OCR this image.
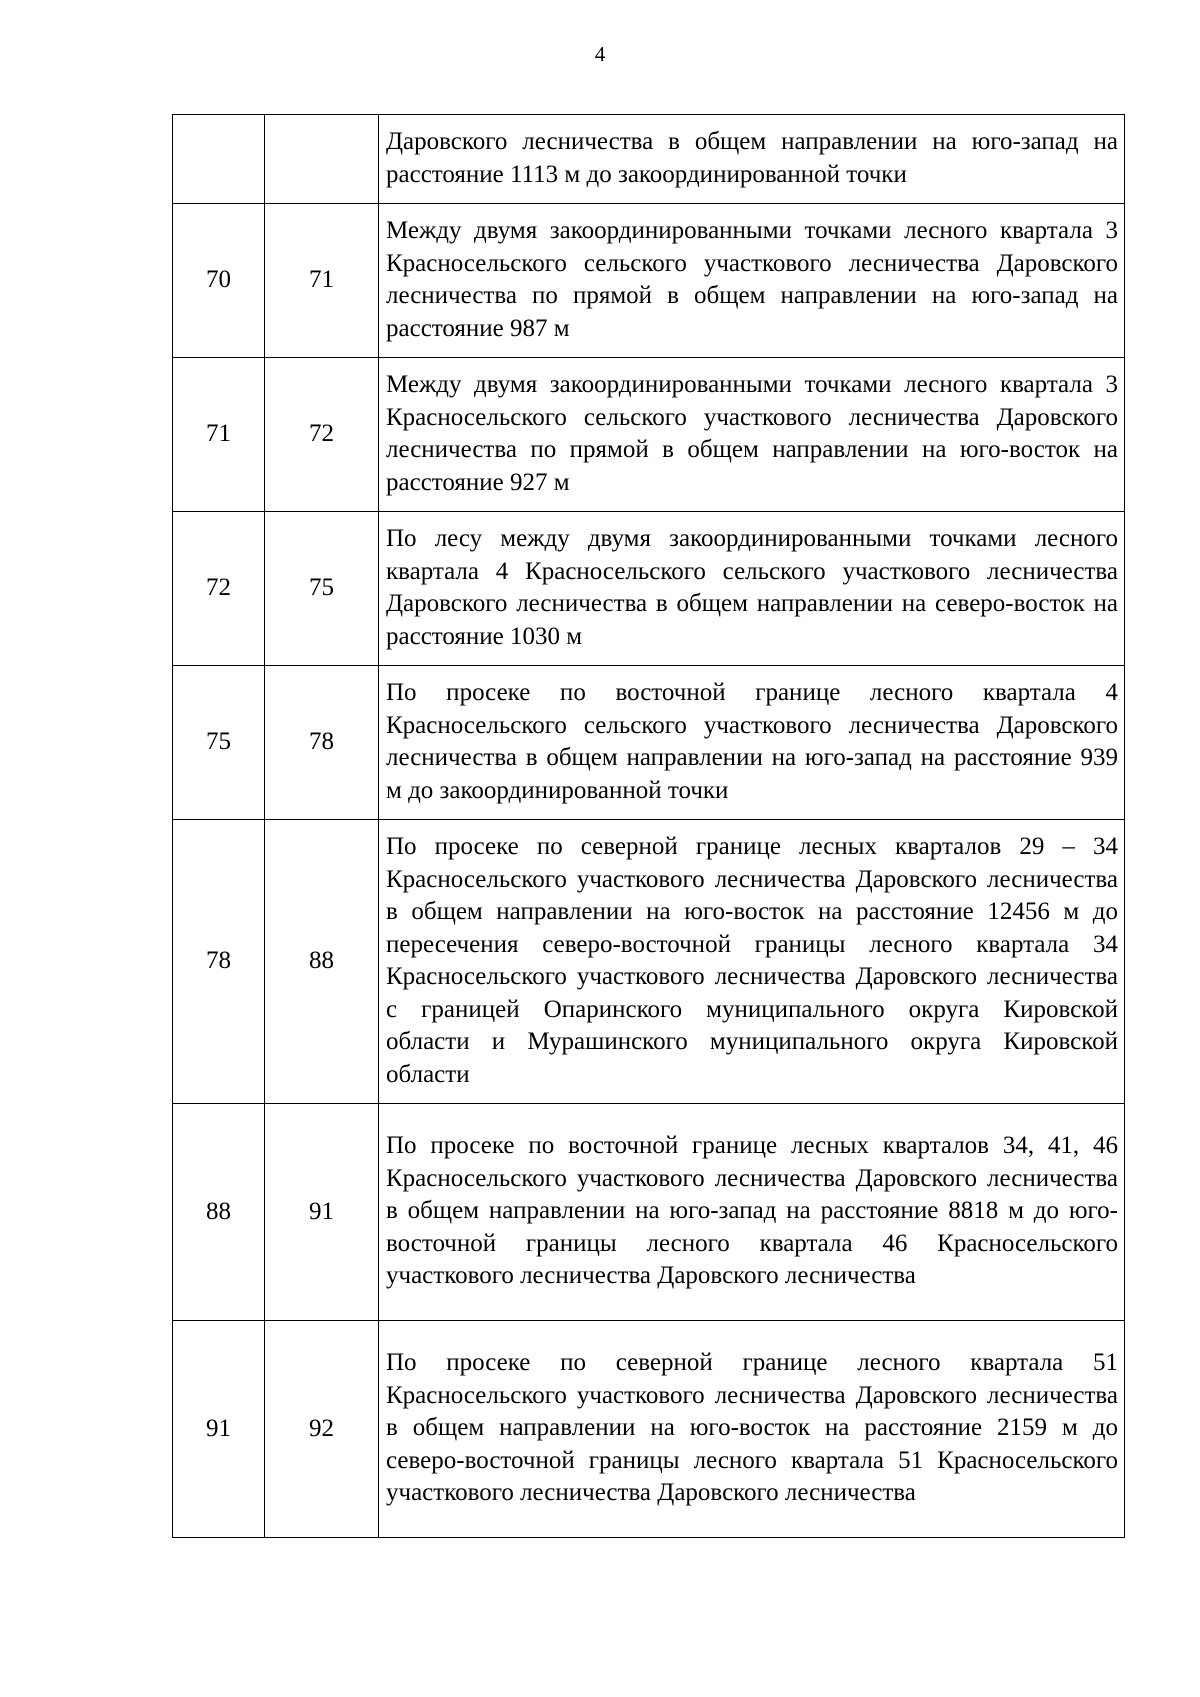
4
		Даровского лесничества в общем направлении на юго-запад на расстояние 1113 м до закоординированной точки
70	71	Между двумя закоординированными точками лесного квартала 3 Красносельского сельского участкового лесничества Даровского лесничества по прямой в общем направлении на юго-запад на расстояние 987 м
71	72	Между двумя закоординированными точками лесного квартала 3 Красносельского сельского участкового лесничества Даровского лесничества по прямой в общем направлении на юго-восток на расстояние 927 м
72	75	По лесу между двумя закоординированными точками лесного квартала 4 Красносельского сельского участкового лесничества Даровского лесничества в общем направлении на северо-восток на расстояние 1030 м
75	78	По просеке по восточной границе лесного квартала 4 Красносельского сельского участкового лесничества Даровского лесничества в общем направлении на юго-запад на расстояние 939 м до закоординированной точки
78	88	По просеке по северной границе лесных кварталов 29 – 34 Красносельского участкового лесничества Даровского лесничества в общем направлении на юго-восток на расстояние 12456 м до пересечения северо-восточной границы лесного квартала 34 Красносельского участкового лесничества Даровского лесничества с границей Опаринского муниципального округа Кировской области и Мурашинского муниципального округа Кировской области
88	91	По просеке по восточной границе лесных кварталов 34, 41, 46 Красносельского участкового лесничества Даровского лесничества в общем направлении на юго-запад на расстояние 8818 м до юго-восточной границы лесного квартала 46 Красносельского участкового лесничества Даровского лесничества
91	92	По просеке по северной границе лесного квартала 51 Красносельского участкового лесничества Даровского лесничества в общем направлении на юго-восток на расстояние 2159 м до северо-восточной границы лесного квартала 51 Красносельского участкового лесничества Даровского лесничества
